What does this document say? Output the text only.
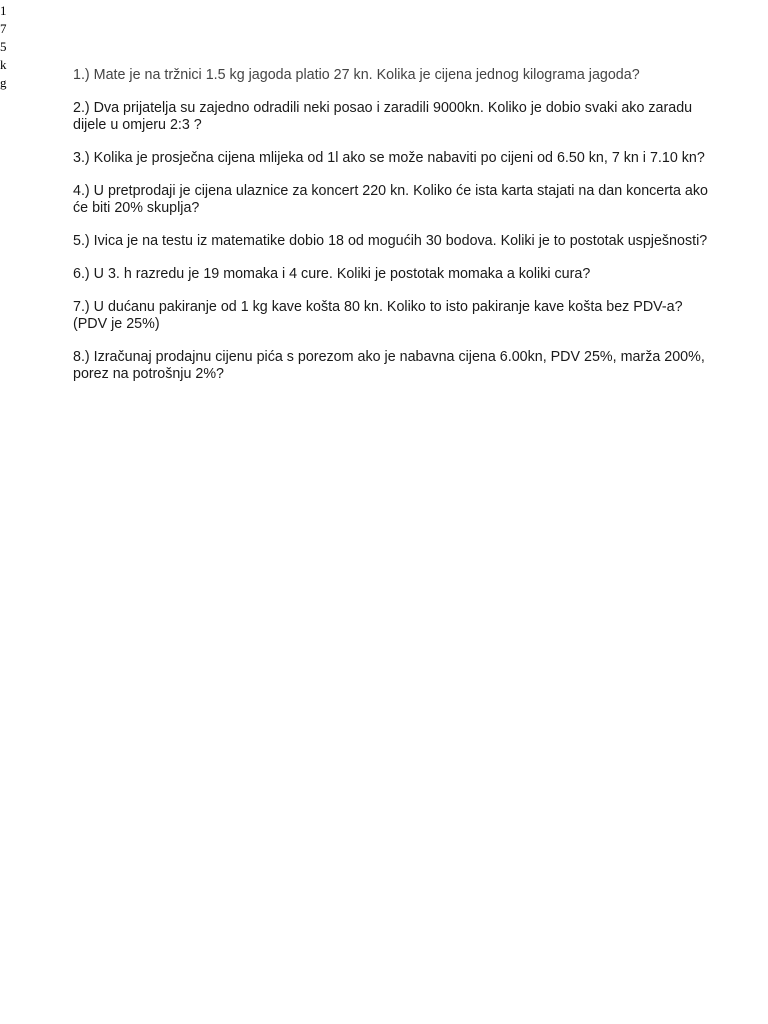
1
7
5
k
g	1.) Mate je na tržnici 1.5 kg jagoda platio 27 kn. Kolika je cijena jednog kilograma jagoda?

2.) Dva prijatelja su zajedno odradili neki posao i zaradili 9000kn. Koliko je dobio svaki ako zaradu dijele u omjeru 2:3 ?

3.) Kolika je prosječna cijena mlijeka od 1l ako se može nabaviti po cijeni od 6.50 kn, 7 kn i 7.10 kn?

4.) U pretprodaji je cijena ulaznice za koncert 220 kn. Koliko će ista karta stajati na dan koncerta ako će biti 20% skuplja?

5.) Ivica je na testu iz matematike dobio 18 od mogućih 30 bodova. Koliki je to postotak uspješnosti?

6.) U 3. h razredu je 19 momaka i 4 cure. Koliki je postotak momaka a koliki cura?

7.) U dućanu pakiranje od 1 kg kave košta 80 kn. Koliko to isto pakiranje kave košta bez PDV-a? (PDV je 25%)

8.) Izračunaj prodajnu cijenu pića s porezom ako je nabavna cijena 6.00kn, PDV 25%, marža 200%, porez na potrošnju 2%?
